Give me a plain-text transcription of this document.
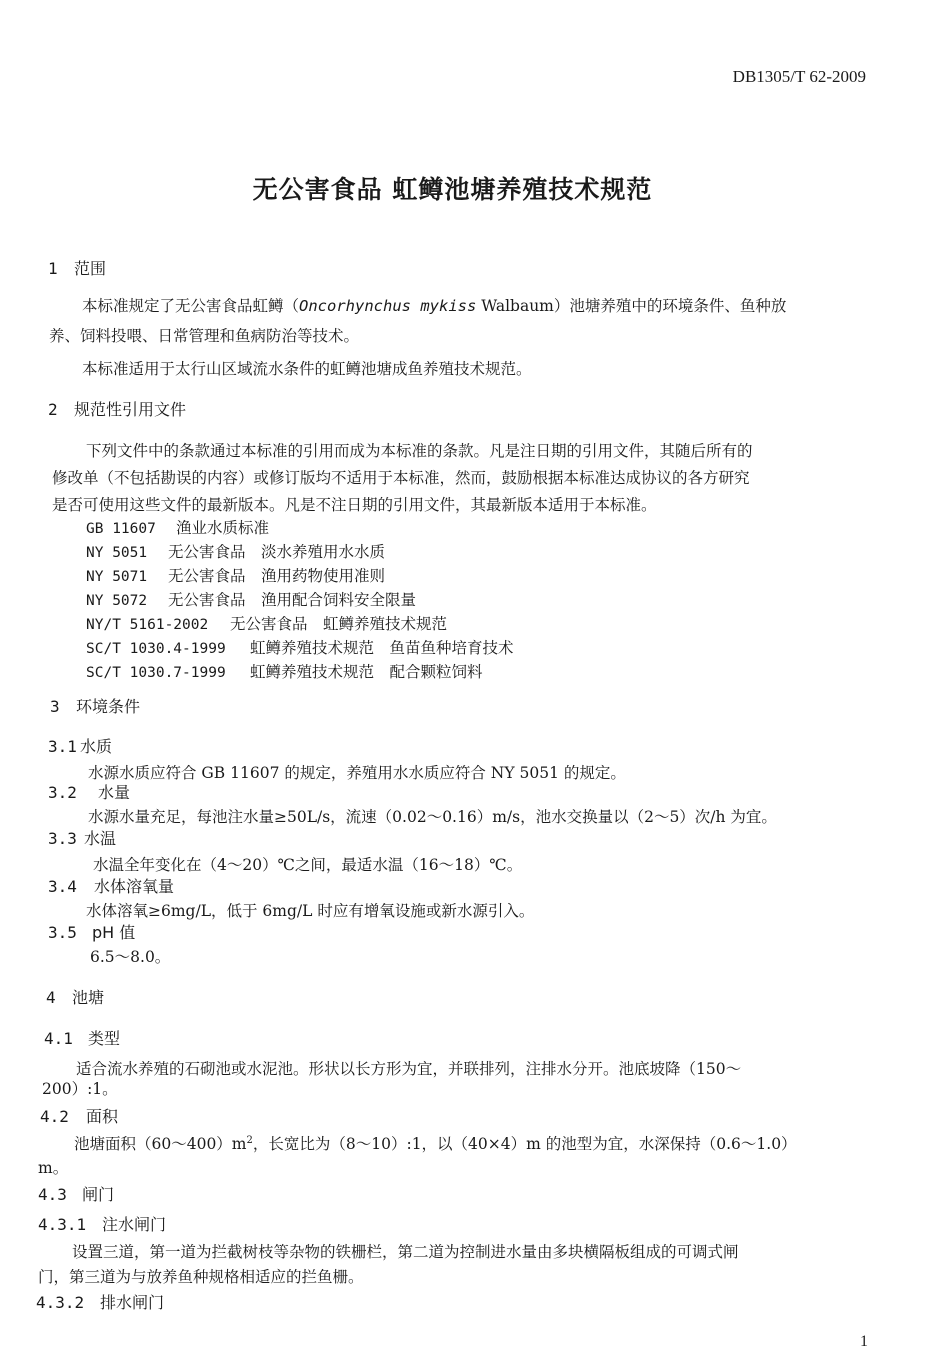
DB1305/T 62-2009
无公害食品 虹鳟池塘养殖技术规范
1 范围
本标准规定了无公害食品虹鳟（Oncorhynchus mykiss Walbaum）池塘养殖中的环境条件、鱼种放
养、饲料投喂、日常管理和鱼病防治等技术。
本标准适用于太行山区域流水条件的虹鳟池塘成鱼养殖技术规范。
2 规范性引用文件
下列文件中的条款通过本标准的引用而成为本标准的条款。凡是注日期的引用文件，其随后所有的
修改单（不包括勘误的内容）或修订版均不适用于本标准，然而，鼓励根据本标准达成协议的各方研究
是否可使用这些文件的最新版本。凡是不注日期的引用文件，其最新版本适用于本标准。
GB 11607 渔业水质标准
NY 5051 无公害食品　淡水养殖用水水质
NY 5071 无公害食品　渔用药物使用准则
NY 5072 无公害食品　渔用配合饲料安全限量
NY/T 5161-2002 无公害食品　虹鳟养殖技术规范
SC/T 1030.4-1999 虹鳟养殖技术规范　鱼苗鱼种培育技术
SC/T 1030.7-1999 虹鳟养殖技术规范　配合颗粒饲料
3 环境条件
3.1 水质
水源水质应符合 GB 11607 的规定，养殖用水水质应符合 NY 5051 的规定。
3.2 水量
水源水量充足，每池注水量≥50L/s，流速（0.02～0.16）m/s，池水交换量以（2～5）次/h 为宜。
3.3 水温
水温全年变化在（4～20）℃之间，最适水温（16～18）℃。
3.4 水体溶氧量
水体溶氧≥6mg/L，低于 6mg/L 时应有增氧设施或新水源引入。
3.5 pH 值
6.5～8.0。
4 池塘
4.1 类型
适合流水养殖的石砌池或水泥池。形状以长方形为宜，并联排列，注排水分开。池底坡降（150～
200）:1。
4.2 面积
池塘面积$(60\sim 400)m^2$，长宽比为（8～10）:1，以（40×4）m 的池型为宜，水深保持（0.6～1.0）
m。
4.3 闸门
4.3.1 注水闸门
设置三道，第一道为拦截树枝等杂物的铁栅栏，第二道为控制进水量由多块横隔板组成的可调式闸
门，第三道为与放养鱼种规格相适应的拦鱼栅。
4.3.2 排水闸门
1
